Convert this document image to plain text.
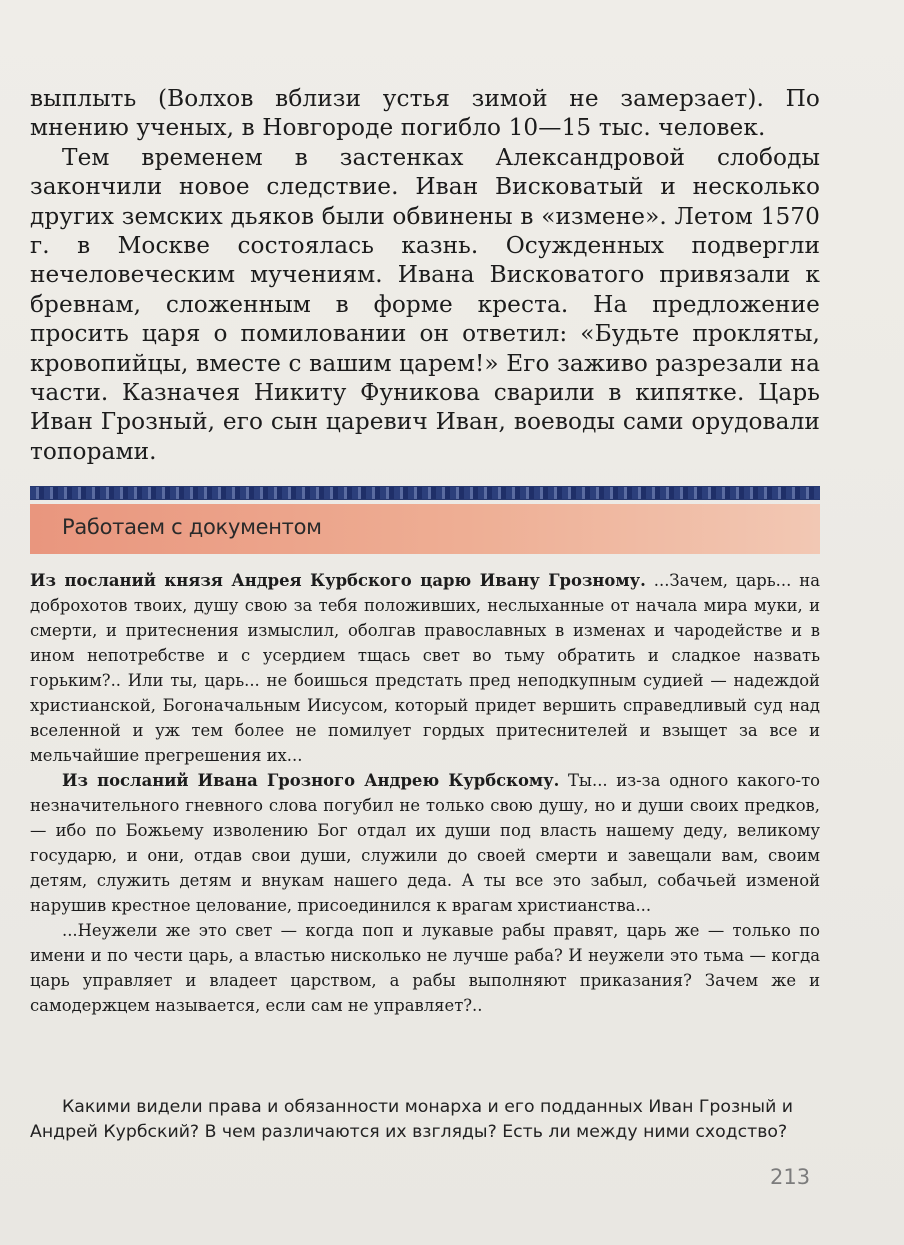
выплыть (Волхов вблизи устья зимой не замерзает). По мнению ученых, в Новгороде погибло 10—15 тыс. человек.

Тем временем в застенках Александровой слободы закончили новое следствие. Иван Висковатый и несколько других земских дьяков были обвинены в «измене». Летом 1570 г. в Москве состоялась казнь. Осужденных подвергли нечеловеческим мучениям. Ивана Висковатого привязали к бревнам, сложенным в форме креста. На предложение просить царя о помиловании он ответил: «Будьте прокляты, кровопийцы, вместе с вашим царем!» Его заживо разрезали на части. Казначея Никиту Фуникова сварили в кипятке. Царь Иван Грозный, его сын царевич Иван, воеводы сами орудовали топорами.

Работаем с документом

Из посланий князя Андрея Курбского царю Ивану Грозному. ...Зачем, царь... на доброхотов твоих, душу свою за тебя положивших, неслыханные от начала мира муки, и смерти, и притеснения измыслил, оболгав православных в изменах и чародействе и в ином непотребстве и с усердием тщась свет во тьму обратить и сладкое назвать горьким?.. Или ты, царь... не боишься предстать пред неподкупным судией — надеждой христианской, Богоначальным Иисусом, который придет вершить справедливый суд над вселенной и уж тем более не помилует гордых притеснителей и взыщет за все и мельчайшие прегрешения их...

Из посланий Ивана Грозного Андрею Курбскому. Ты... из-за одного какого-то незначительного гневного слова погубил не только свою душу, но и души своих предков, — ибо по Божьему изволению Бог отдал их души под власть нашему деду, великому государю, и они, отдав свои души, служили до своей смерти и завещали вам, своим детям, служить детям и внукам нашего деда. А ты все это забыл, собачьей изменой нарушив крестное целование, присоединился к врагам христианства...

...Неужели же это свет — когда поп и лукавые рабы правят, царь же — только по имени и по чести царь, а властью нисколько не лучше раба? И неужели это тьма — когда царь управляет и владеет царством, а рабы выполняют приказания? Зачем же и самодержцем называется, если сам не управляет?..

Какими видели права и обязанности монарха и его подданных Иван Грозный и Андрей Курбский? В чем различаются их взгляды? Есть ли между ними сходство?

213
